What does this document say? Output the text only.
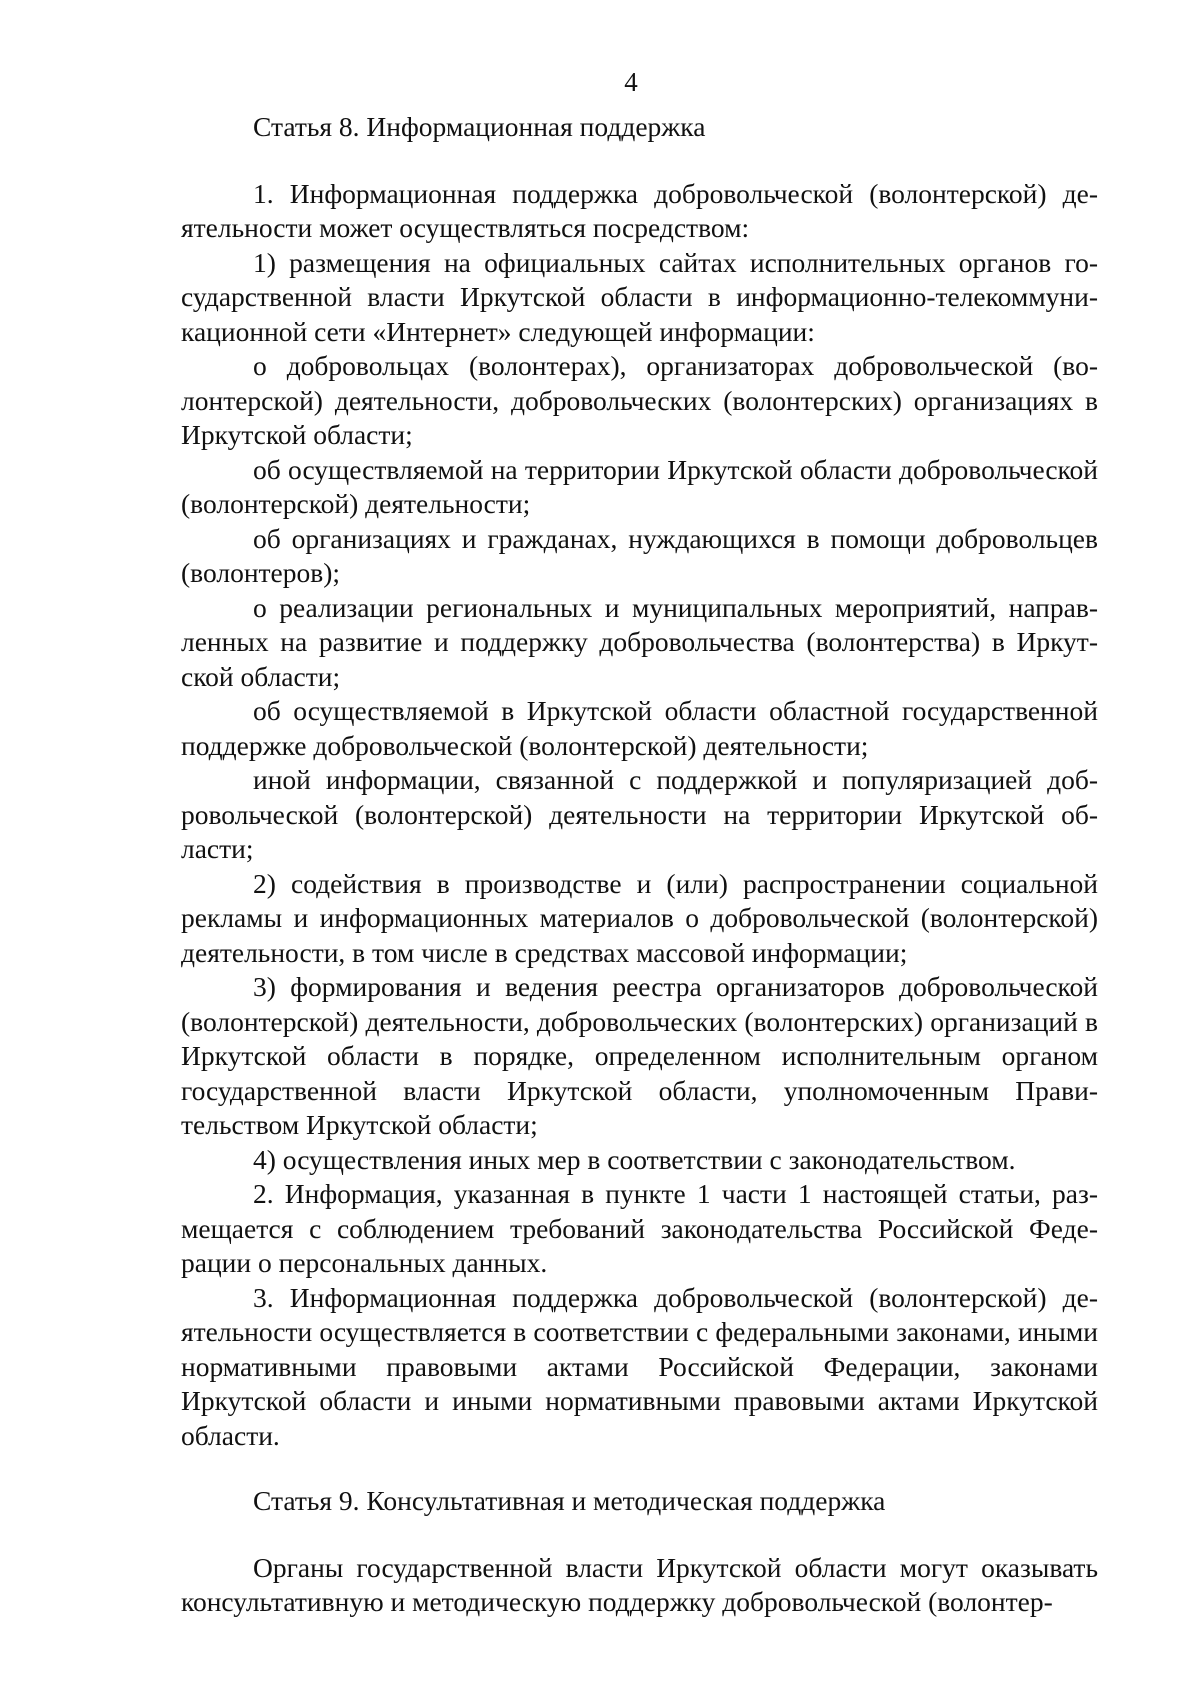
4

Статья 8. Информационная поддержка

1. Информационная поддержка добровольческой (волонтерской) деятельности может осуществляться посредством:

1) размещения на официальных сайтах исполнительных органов государственной власти Иркутской области в информационно-телекоммуникационной сети «Интернет» следующей информации:

о добровольцах (волонтерах), организаторах добровольческой (волонтерской) деятельности, добровольческих (волонтерских) организациях в Иркутской области;

об осуществляемой на территории Иркутской области добровольческой (волонтерской) деятельности;

об организациях и гражданах, нуждающихся в помощи добровольцев (волонтеров);

о реализации региональных и муниципальных мероприятий, направленных на развитие и поддержку добровольчества (волонтерства) в Иркутской области;

об осуществляемой в Иркутской области областной государственной поддержке добровольческой (волонтерской) деятельности;

иной информации, связанной с поддержкой и популяризацией добровольческой (волонтерской) деятельности на территории Иркутской области;

2) содействия в производстве и (или) распространении социальной рекламы и информационных материалов о добровольческой (волонтерской) деятельности, в том числе в средствах массовой информации;

3) формирования и ведения реестра организаторов добровольческой (волонтерской) деятельности, добровольческих (волонтерских) организаций в Иркутской области в порядке, определенном исполнительным органом государственной власти Иркутской области, уполномоченным Правительством Иркутской области;

4) осуществления иных мер в соответствии с законодательством.

2. Информация, указанная в пункте 1 части 1 настоящей статьи, размещается с соблюдением требований законодательства Российской Федерации о персональных данных.

3. Информационная поддержка добровольческой (волонтерской) деятельности осуществляется в соответствии с федеральными законами, иными нормативными правовыми актами Российской Федерации, законами Иркутской области и иными нормативными правовыми актами Иркутской области.

Статья 9. Консультативная и методическая поддержка

Органы государственной власти Иркутской области могут оказывать консультативную и методическую поддержку добровольческой (волонтер-
